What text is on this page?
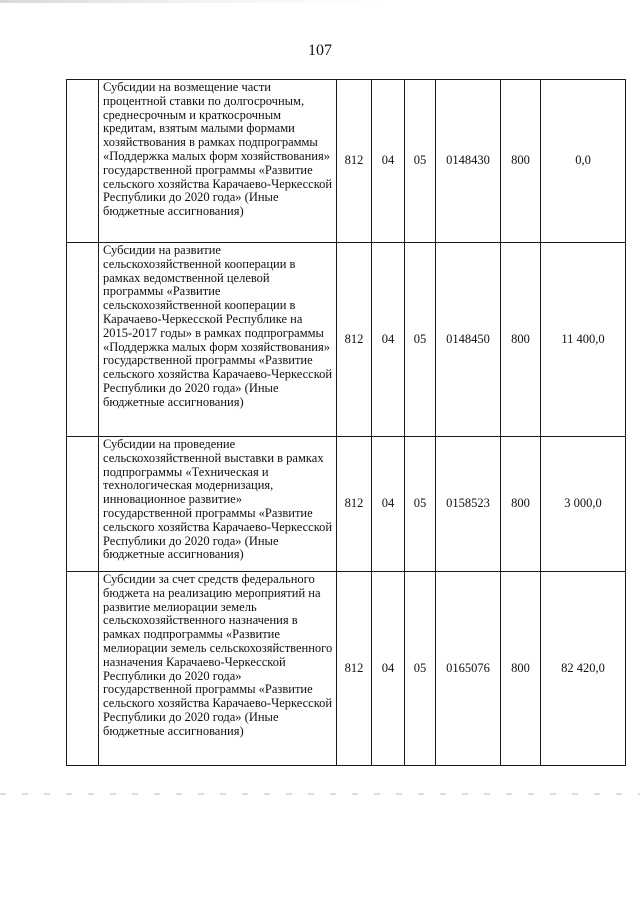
107
	Субсидии на возмещение части процентной ставки по долгосрочным, среднесрочным и краткосрочным кредитам, взятым малыми формами хозяйствования в рамках подпрограммы «Поддержка малых форм хозяйствования» государственной программы «Развитие сельского хозяйства Карачаево-Черкесской Республики до 2020 года» (Иные бюджетные ассигнования)	812	04	05	0148430	800	0,0
	Субсидии на развитие сельскохозяйственной кооперации в рамках ведомственной целевой программы «Развитие сельскохозяйственной кооперации в Карачаево-Черкесской Республике на 2015-2017 годы» в рамках подпрограммы «Поддержка малых форм хозяйствования» государственной программы «Развитие сельского хозяйства Карачаево-Черкесской Республики до 2020 года» (Иные бюджетные ассигнования)	812	04	05	0148450	800	11 400,0
	Субсидии на проведение сельскохозяйственной выставки в рамках подпрограммы «Техническая и технологическая модернизация, инновационное развитие» государственной программы «Развитие сельского хозяйства Карачаево-Черкесской Республики до 2020 года» (Иные бюджетные ассигнования)	812	04	05	0158523	800	3 000,0
	Субсидии за счет средств федерального бюджета на реализацию мероприятий на развитие мелиорации земель сельскохозяйственного назначения в рамках подпрограммы «Развитие мелиорации земель сельскохозяйственного назначения Карачаево-Черкесской Республики до 2020 года» государственной программы «Развитие сельского хозяйства Карачаево-Черкесской Республики до 2020 года» (Иные бюджетные ассигнования)	812	04	05	0165076	800	82 420,0
